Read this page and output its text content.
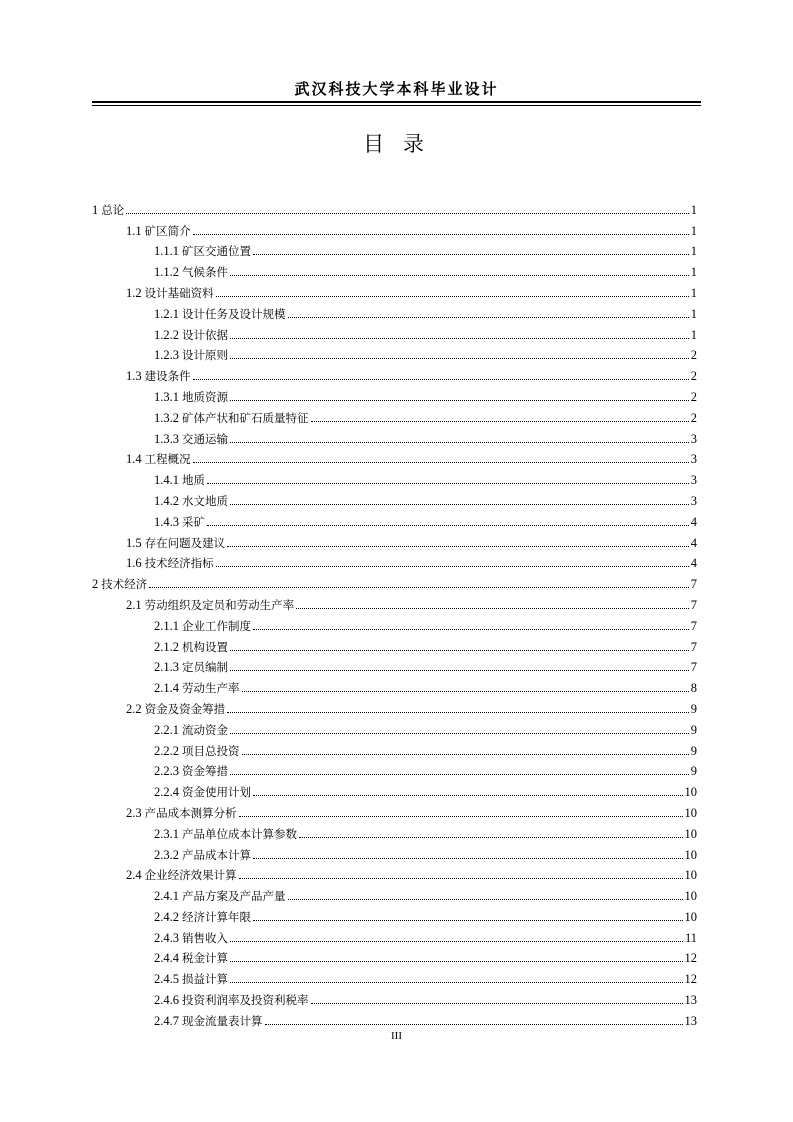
武汉科技大学本科毕业设计
目 录
1 总论	1
1.1 矿区简介	1
1.1.1 矿区交通位置	1
1.1.2 气候条件	1
1.2 设计基础资料	1
1.2.1 设计任务及设计规模	1
1.2.2 设计依据	1
1.2.3 设计原则	2
1.3 建设条件	2
1.3.1 地质资源	2
1.3.2 矿体产状和矿石质量特征	2
1.3.3 交通运输	3
1.4 工程概况	3
1.4.1 地质	3
1.4.2 水文地质	3
1.4.3 采矿	4
1.5 存在问题及建议	4
1.6 技术经济指标	4
2 技术经济	7
2.1 劳动组织及定员和劳动生产率	7
2.1.1 企业工作制度	7
2.1.2 机构设置	7
2.1.3 定员编制	7
2.1.4 劳动生产率	8
2.2 资金及资金筹措	9
2.2.1 流动资金	9
2.2.2 项目总投资	9
2.2.3 资金筹措	9
2.2.4 资金使用计划	10
2.3 产品成本测算分析	10
2.3.1 产品单位成本计算参数	10
2.3.2 产品成本计算	10
2.4 企业经济效果计算	10
2.4.1 产品方案及产品产量	10
2.4.2 经济计算年限	10
2.4.3 销售收入	11
2.4.4 税金计算	12
2.4.5 损益计算	12
2.4.6 投资利润率及投资利税率	13
2.4.7 现金流量表计算	13
III
